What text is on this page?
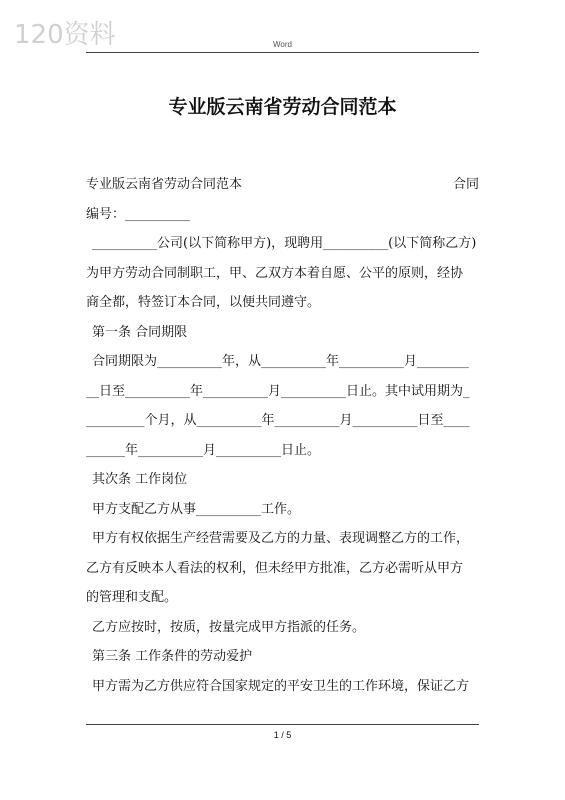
120资料	Word
专业版云南省劳动合同范本
专业版云南省劳动合同范本	合同
编号：__________
__________公司(以下简称甲方)，现聘用__________(以下简称乙方)
为甲方劳动合同制职工，甲、乙双方本着自愿、公平的原则，经协
商全都，特签订本合同，以便共同遵守。
第一条 合同期限
合同期限为__________年，从__________年__________月________
__日至__________年__________月__________日止。其中试用期为_
_________个月，从__________年__________月__________日至____
______年__________月__________日止。
其次条 工作岗位
甲方支配乙方从事__________工作。
甲方有权依据生产经营需要及乙方的力量、表现调整乙方的工作，
乙方有反映本人看法的权利，但未经甲方批准，乙方必需听从甲方
的管理和支配。
乙方应按时，按质，按量完成甲方指派的任务。
第三条 工作条件的劳动爱护
甲方需为乙方供应符合国家规定的平安卫生的工作环境，保证乙方
1 / 5
